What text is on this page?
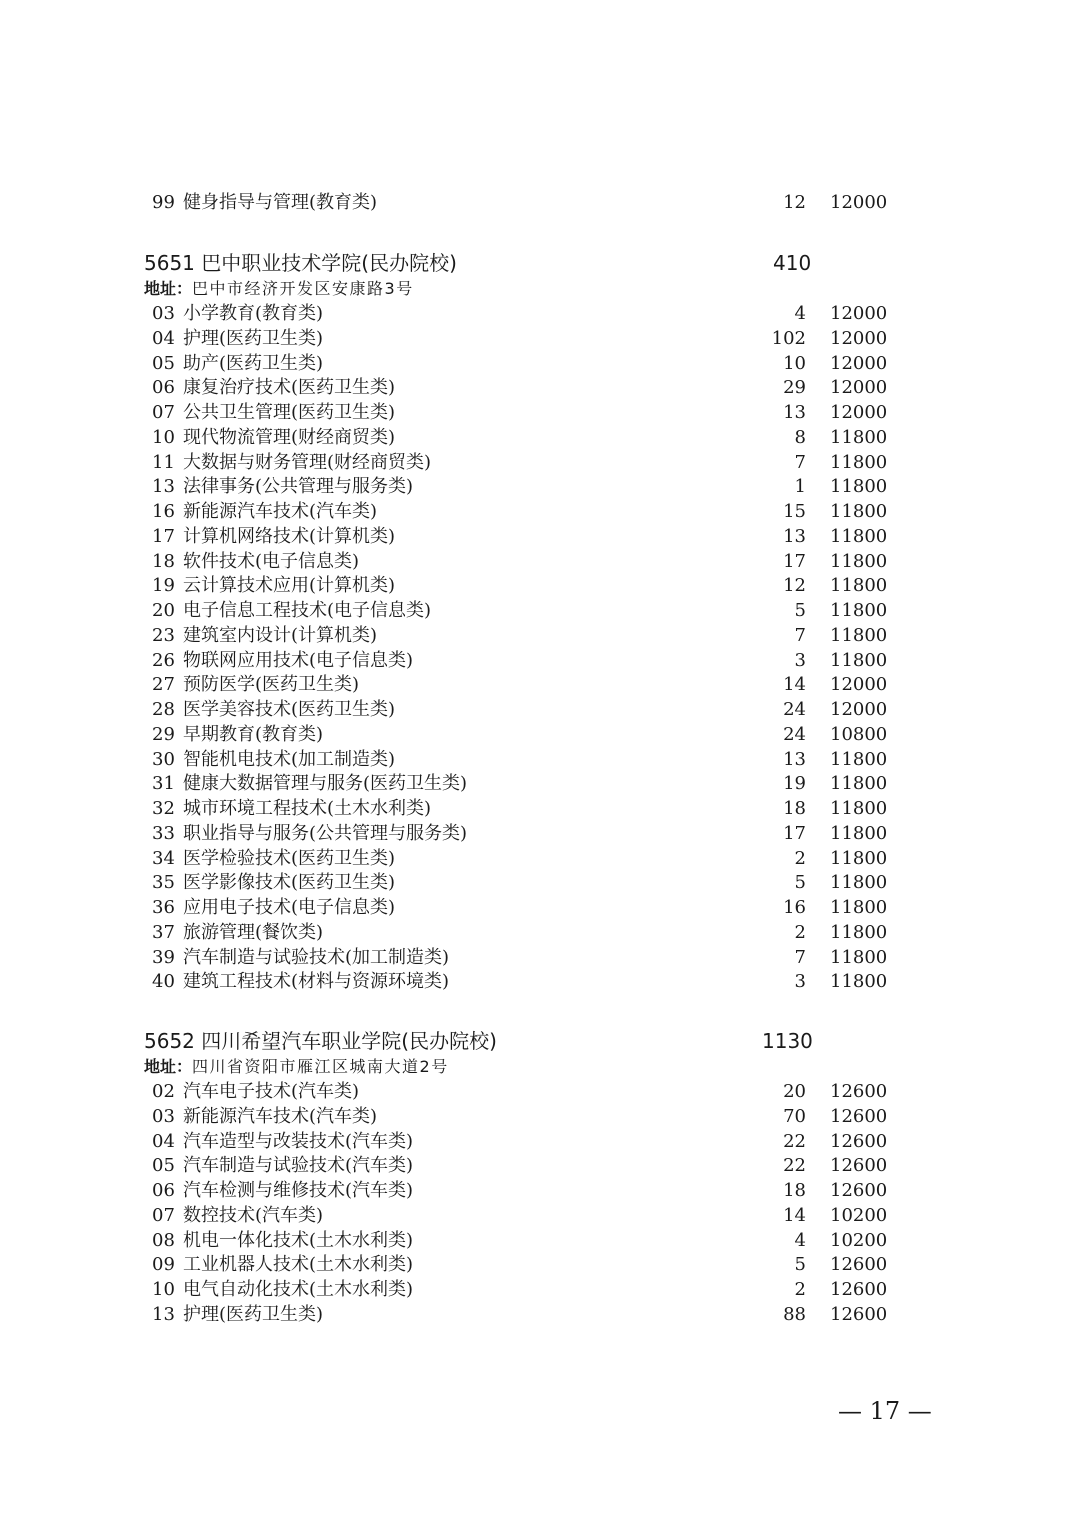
99 健身指导与管理(教育类)	12 12000
5651 巴中职业技术学院(民办院校)	410
地址：巴中市经济开发区安康路3号
03 小学教育(教育类)	4 12000
04 护理(医药卫生类)	102 12000
05 助产(医药卫生类)	10 12000
06 康复治疗技术(医药卫生类)	29 12000
07 公共卫生管理(医药卫生类)	13 12000
10 现代物流管理(财经商贸类)	8 11800
11 大数据与财务管理(财经商贸类)	7 11800
13 法律事务(公共管理与服务类)	1 11800
16 新能源汽车技术(汽车类)	15 11800
17 计算机网络技术(计算机类)	13 11800
18 软件技术(电子信息类)	17 11800
19 云计算技术应用(计算机类)	12 11800
20 电子信息工程技术(电子信息类)	5 11800
23 建筑室内设计(计算机类)	7 11800
26 物联网应用技术(电子信息类)	3 11800
27 预防医学(医药卫生类)	14 12000
28 医学美容技术(医药卫生类)	24 12000
29 早期教育(教育类)	24 10800
30 智能机电技术(加工制造类)	13 11800
31 健康大数据管理与服务(医药卫生类)	19 11800
32 城市环境工程技术(土木水利类)	18 11800
33 职业指导与服务(公共管理与服务类)	17 11800
34 医学检验技术(医药卫生类)	2 11800
35 医学影像技术(医药卫生类)	5 11800
36 应用电子技术(电子信息类)	16 11800
37 旅游管理(餐饮类)	2 11800
39 汽车制造与试验技术(加工制造类)	7 11800
40 建筑工程技术(材料与资源环境类)	3 11800
5652 四川希望汽车职业学院(民办院校)	1130
地址：四川省资阳市雁江区城南大道2号
02 汽车电子技术(汽车类)	20 12600
03 新能源汽车技术(汽车类)	70 12600
04 汽车造型与改装技术(汽车类)	22 12600
05 汽车制造与试验技术(汽车类)	22 12600
06 汽车检测与维修技术(汽车类)	18 12600
07 数控技术(汽车类)	14 10200
08 机电一体化技术(土木水利类)	4 10200
09 工业机器人技术(土木水利类)	5 12600
10 电气自动化技术(土木水利类)	2 12600
13 护理(医药卫生类)	88 12600
— 17 —
